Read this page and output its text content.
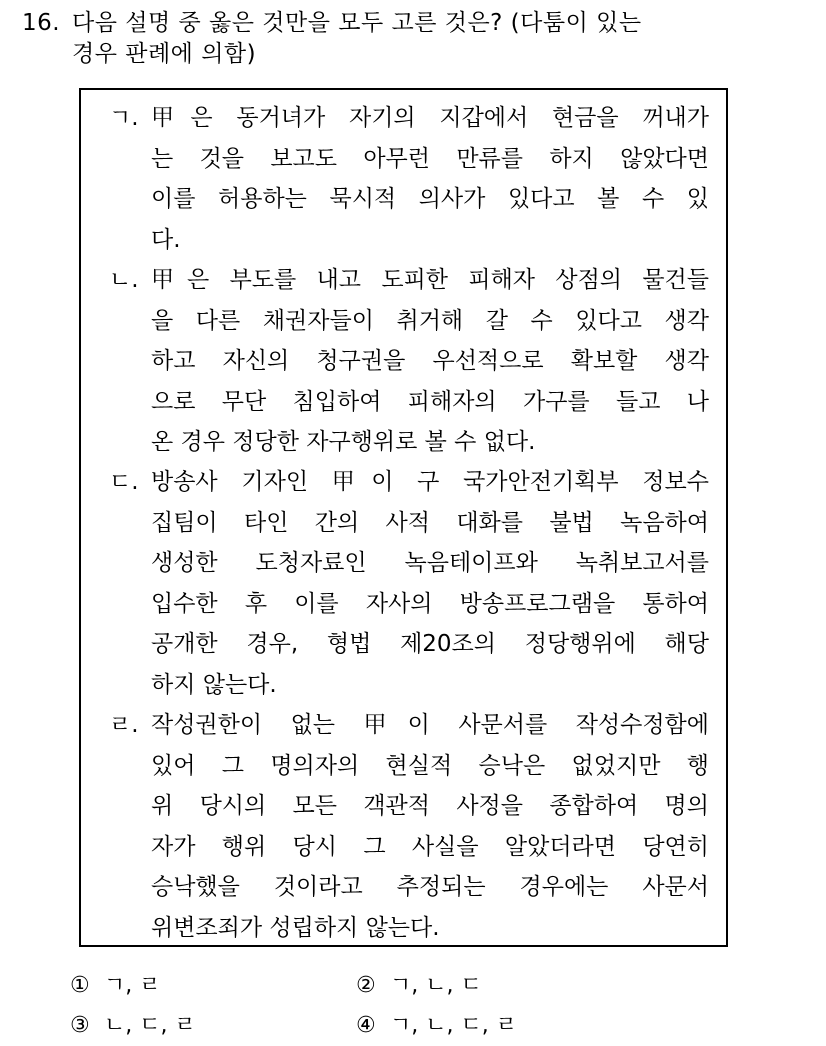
16. 다음 설명 중 옳은 것만을 모두 고른 것은? (다툼이 있는
경우 판례에 의함)
ㄱ. 甲은 동거녀가 자기의 지갑에서 현금을 꺼내가
는 것을 보고도 아무런 만류를 하지 않았다면
이를 허용하는 묵시적 의사가 있다고 볼 수 있
다.
ㄴ. 甲은 부도를 내고 도피한 피해자 상점의 물건들
을 다른 채권자들이 취거해 갈 수 있다고 생각
하고 자신의 청구권을 우선적으로 확보할 생각
으로 무단 침입하여 피해자의 가구를 들고 나
온 경우 정당한 자구행위로 볼 수 없다.
ㄷ. 방송사 기자인 甲이 구 국가안전기획부 정보수
집팀이 타인 간의 사적 대화를 불법 녹음하여
생성한 도청자료인 녹음테이프와 녹취보고서를
입수한 후 이를 자사의 방송프로그램을 통하여
공개한 경우, 형법 제20조의 정당행위에 해당
하지 않는다.
ㄹ. 작성권한이 없는 甲이 사문서를 작성수정함에
있어 그 명의자의 현실적 승낙은 없었지만 행
위 당시의 모든 객관적 사정을 종합하여 명의
자가 행위 당시 그 사실을 알았더라면 당연히
승낙했을 것이라고 추정되는 경우에는 사문서
위변조죄가 성립하지 않는다.
① ㄱ, ㄹ	② ㄱ, ㄴ, ㄷ
③ ㄴ, ㄷ, ㄹ	④ ㄱ, ㄴ, ㄷ, ㄹ
